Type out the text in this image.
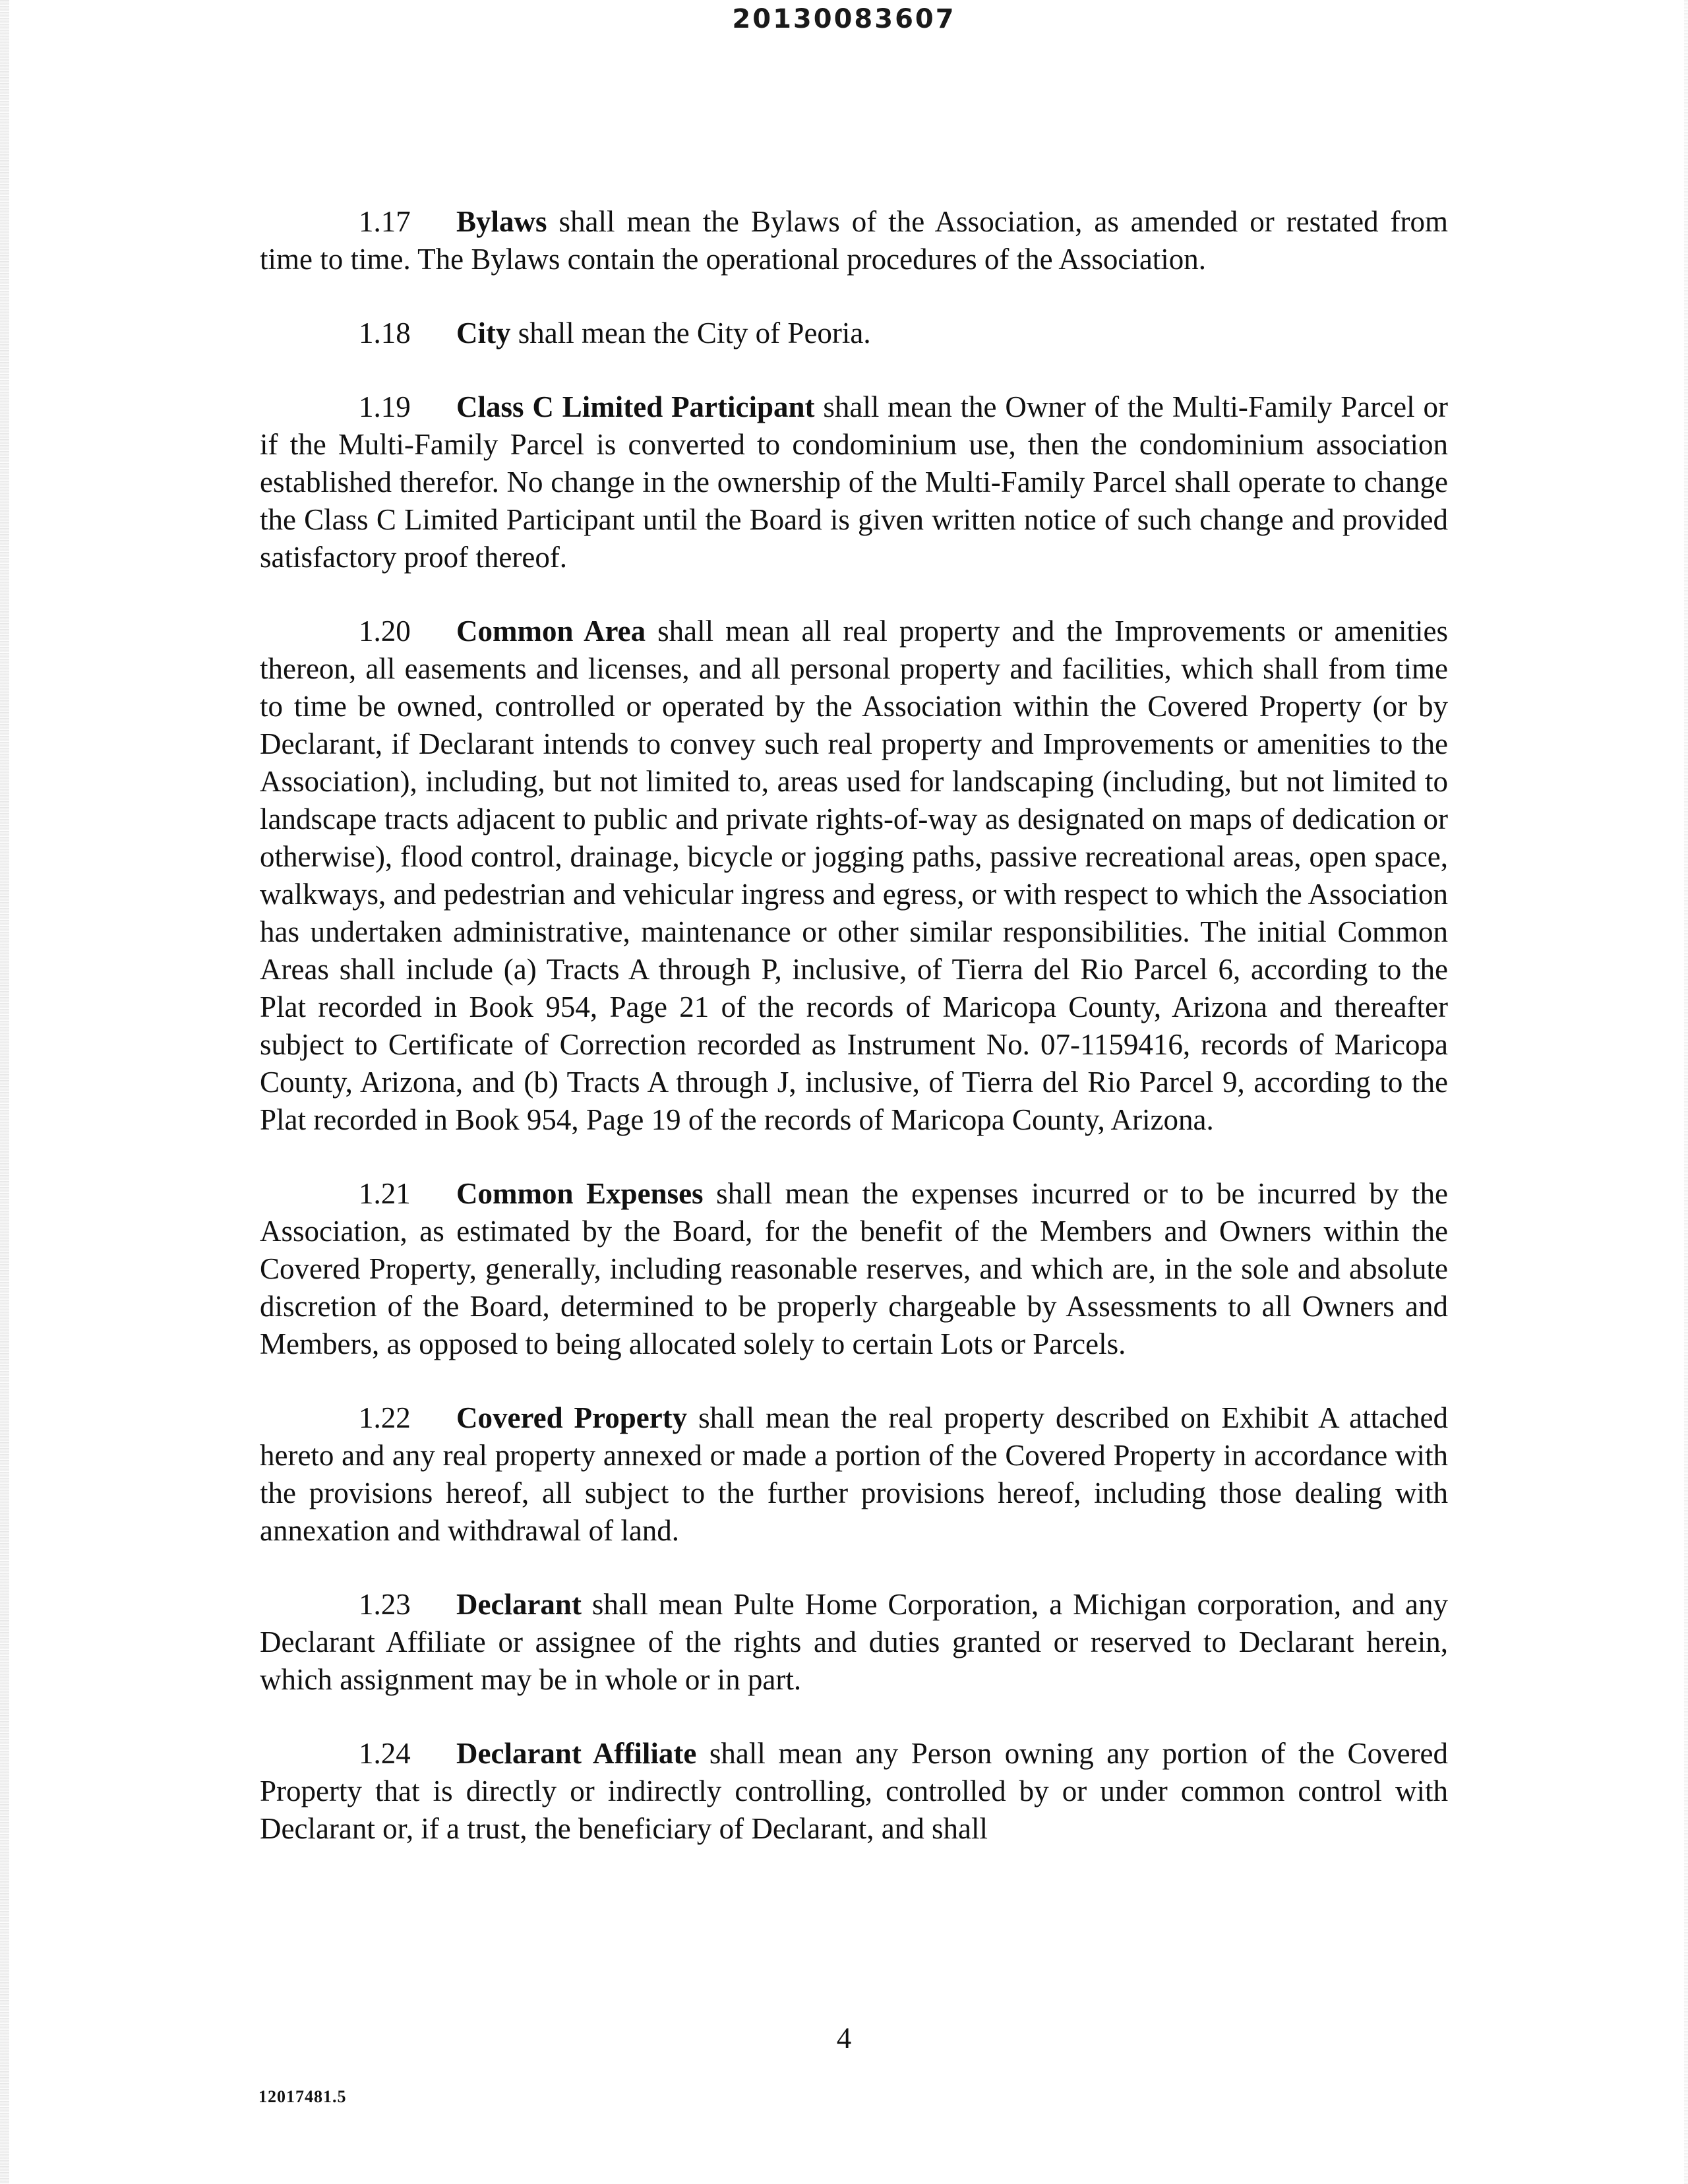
20130083607

1.17 Bylaws shall mean the Bylaws of the Association, as amended or restated from time to time. The Bylaws contain the operational procedures of the Association.

1.18 City shall mean the City of Peoria.

1.19 Class C Limited Participant shall mean the Owner of the Multi-Family Parcel or if the Multi-Family Parcel is converted to condominium use, then the condominium association established therefor. No change in the ownership of the Multi-Family Parcel shall operate to change the Class C Limited Participant until the Board is given written notice of such change and provided satisfactory proof thereof.

1.20 Common Area shall mean all real property and the Improvements or amenities thereon, all easements and licenses, and all personal property and facilities, which shall from time to time be owned, controlled or operated by the Association within the Covered Property (or by Declarant, if Declarant intends to convey such real property and Improvements or amenities to the Association), including, but not limited to, areas used for landscaping (including, but not limited to landscape tracts adjacent to public and private rights-of-way as designated on maps of dedication or otherwise), flood control, drainage, bicycle or jogging paths, passive recreational areas, open space, walkways, and pedestrian and vehicular ingress and egress, or with respect to which the Association has undertaken administrative, maintenance or other similar responsibilities. The initial Common Areas shall include (a) Tracts A through P, inclusive, of Tierra del Rio Parcel 6, according to the Plat recorded in Book 954, Page 21 of the records of Maricopa County, Arizona and thereafter subject to Certificate of Correction recorded as Instrument No. 07-1159416, records of Maricopa County, Arizona, and (b) Tracts A through J, inclusive, of Tierra del Rio Parcel 9, according to the Plat recorded in Book 954, Page 19 of the records of Maricopa County, Arizona.

1.21 Common Expenses shall mean the expenses incurred or to be incurred by the Association, as estimated by the Board, for the benefit of the Members and Owners within the Covered Property, generally, including reasonable reserves, and which are, in the sole and absolute discretion of the Board, determined to be properly chargeable by Assessments to all Owners and Members, as opposed to being allocated solely to certain Lots or Parcels.

1.22 Covered Property shall mean the real property described on Exhibit A attached hereto and any real property annexed or made a portion of the Covered Property in accordance with the provisions hereof, all subject to the further provisions hereof, including those dealing with annexation and withdrawal of land.

1.23 Declarant shall mean Pulte Home Corporation, a Michigan corporation, and any Declarant Affiliate or assignee of the rights and duties granted or reserved to Declarant herein, which assignment may be in whole or in part.

1.24 Declarant Affiliate shall mean any Person owning any portion of the Covered Property that is directly or indirectly controlling, controlled by or under common control with Declarant or, if a trust, the beneficiary of Declarant, and shall

4
12017481.5
